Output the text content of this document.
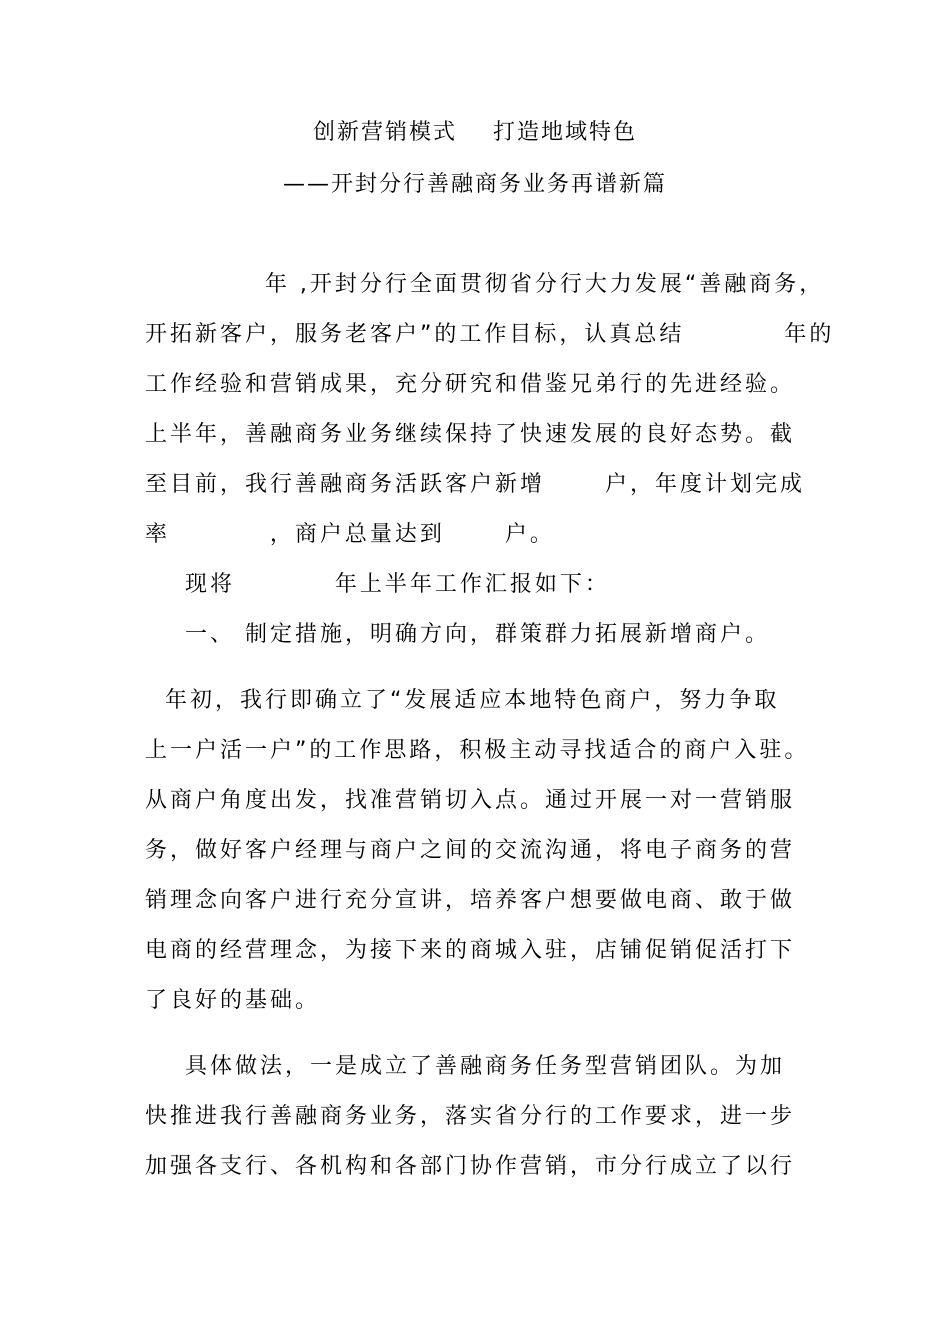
创新营销模式    打造地域特色
——开封分行善融商务业务再谱新篇
年 ,开封分行全面贯彻省分行大力发展“善融商务，
开拓新客户，服务老客户”的工作目标，认真总结          年的
工作经验和营销成果，充分研究和借鉴兄弟行的先进经验。
上半年，善融商务业务继续保持了快速发展的良好态势。截
至目前，我行善融商务活跃客户新增      户，年度计划完成
率          ，商户总量达到      户。
现将          年上半年工作汇报如下：
一、 制定措施，明确方向，群策群力拓展新增商户。
年初，我行即确立了“发展适应本地特色商户，努力争取
上一户活一户”的工作思路，积极主动寻找适合的商户入驻。
从商户角度出发，找准营销切入点。通过开展一对一营销服
务，做好客户经理与商户之间的交流沟通，将电子商务的营
销理念向客户进行充分宣讲，培养客户想要做电商、敢于做
电商的经营理念，为接下来的商城入驻，店铺促销促活打下
了良好的基础。
具体做法，一是成立了善融商务任务型营销团队。为加
快推进我行善融商务业务，落实省分行的工作要求，进一步
加强各支行、各机构和各部门协作营销，市分行成立了以行
